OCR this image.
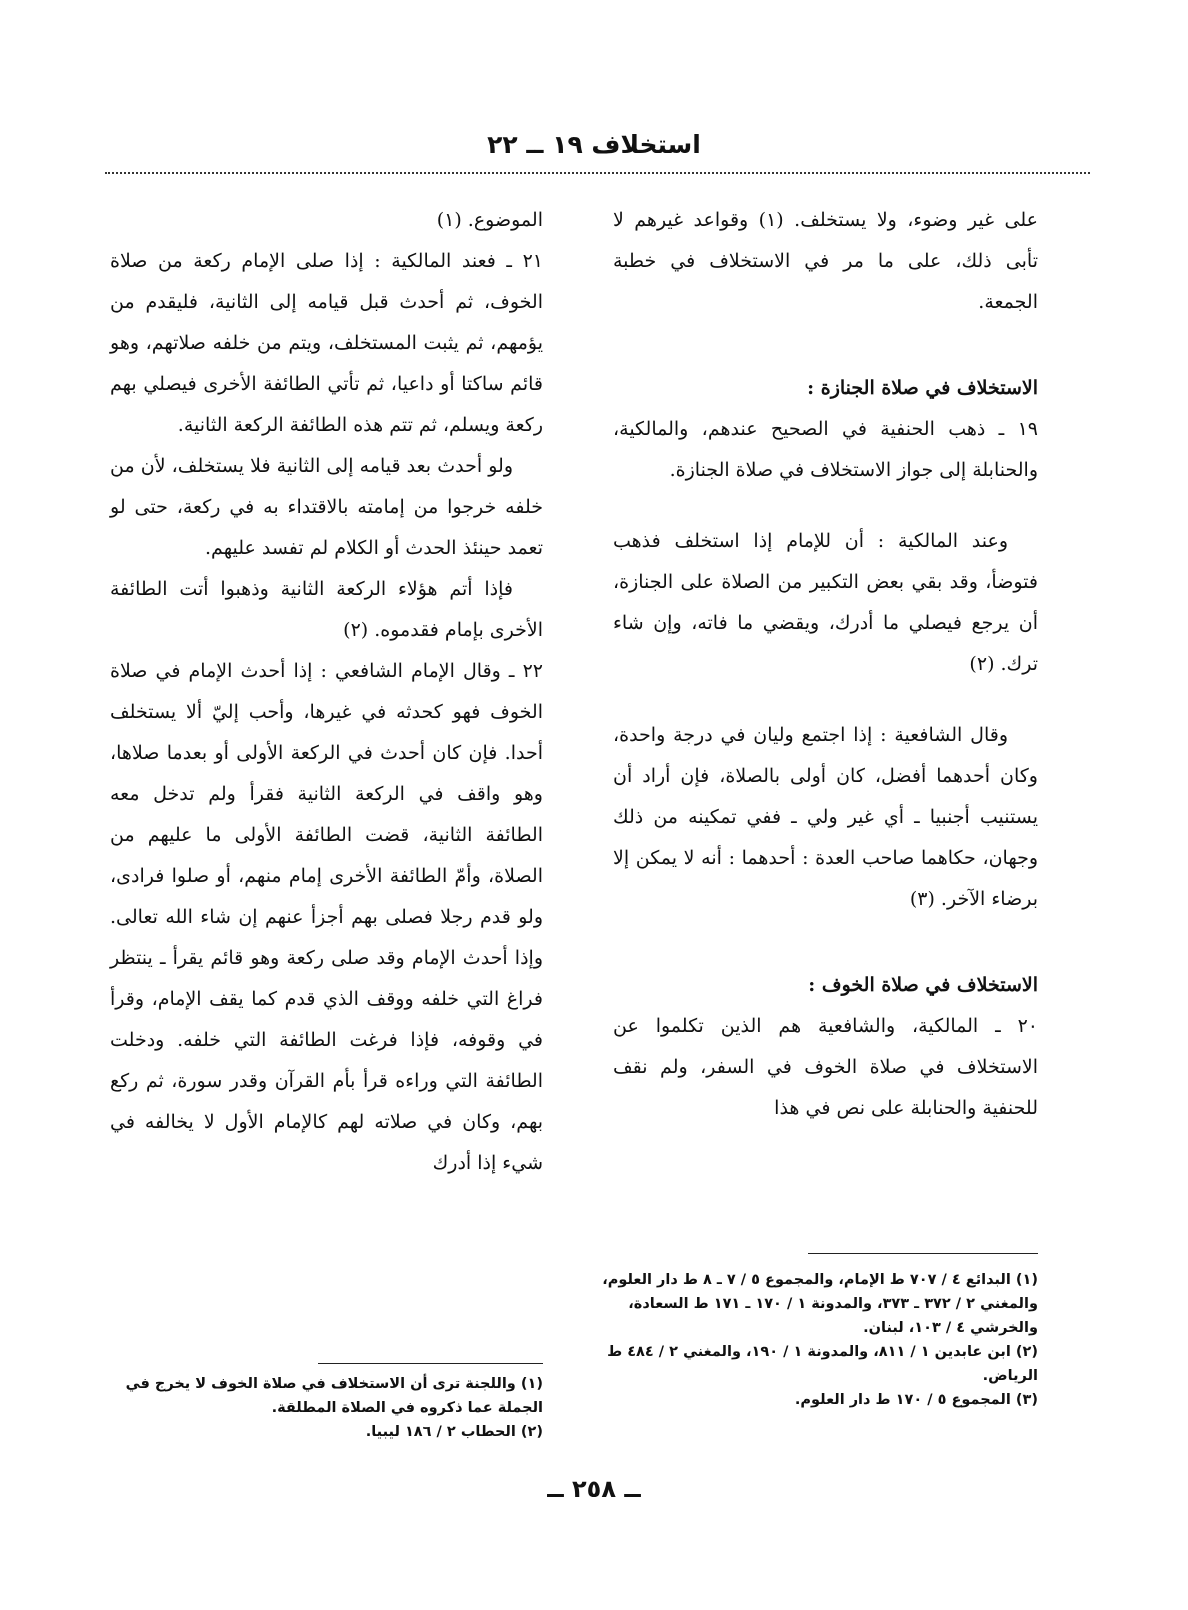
استخلاف ١٩ ــ ٢٢

على غير وضوء، ولا يستخلف. (١) وقواعد غيرهم لا تأبى ذلك، على ما مر في الاستخلاف في خطبة الجمعة.

الاستخلاف في صلاة الجنازة :

١٩ ـ ذهب الحنفية في الصحيح عندهم، والمالكية، والحنابلة إلى جواز الاستخلاف في صلاة الجنازة.

وعند المالكية : أن للإمام إذا استخلف فذهب فتوضأ، وقد بقي بعض التكبير من الصلاة على الجنازة، أن يرجع فيصلي ما أدرك، ويقضي ما فاته، وإن شاء ترك. (٢)

وقال الشافعية : إذا اجتمع وليان في درجة واحدة، وكان أحدهما أفضل، كان أولى بالصلاة، فإن أراد أن يستنيب أجنبيا ـ أي غير ولي ـ ففي تمكينه من ذلك وجهان، حكاهما صاحب العدة : أحدهما : أنه لا يمكن إلا برضاء الآخر. (٣)

الاستخلاف في صلاة الخوف :

٢٠ ـ المالكية، والشافعية هم الذين تكلموا عن الاستخلاف في صلاة الخوف في السفر، ولم نقف للحنفية والحنابلة على نص في هذا

الموضوع. (١)

٢١ ـ فعند المالكية : إذا صلى الإمام ركعة من صلاة الخوف، ثم أحدث قبل قيامه إلى الثانية، فليقدم من يؤمهم، ثم يثبت المستخلف، ويتم من خلفه صلاتهم، وهو قائم ساكتا أو داعيا، ثم تأتي الطائفة الأخرى فيصلي بهم ركعة ويسلم، ثم تتم هذه الطائفة الركعة الثانية.

ولو أحدث بعد قيامه إلى الثانية فلا يستخلف، لأن من خلفه خرجوا من إمامته بالاقتداء به في ركعة، حتى لو تعمد حينئذ الحدث أو الكلام لم تفسد عليهم.

فإذا أتم هؤلاء الركعة الثانية وذهبوا أتت الطائفة الأخرى بإمام فقدموه. (٢)

٢٢ ـ وقال الإمام الشافعي : إذا أحدث الإمام في صلاة الخوف فهو كحدثه في غيرها، وأحب إليّ ألا يستخلف أحدا. فإن كان أحدث في الركعة الأولى أو بعدما صلاها، وهو واقف في الركعة الثانية فقرأ ولم تدخل معه الطائفة الثانية، قضت الطائفة الأولى ما عليهم من الصلاة، وأمّ الطائفة الأخرى إمام منهم، أو صلوا فرادى، ولو قدم رجلا فصلى بهم أجزأ عنهم إن شاء الله تعالى. وإذا أحدث الإمام وقد صلى ركعة وهو قائم يقرأ ـ ينتظر فراغ التي خلفه ووقف الذي قدم كما يقف الإمام، وقرأ في وقوفه، فإذا فرغت الطائفة التي خلفه. ودخلت الطائفة التي وراءه قرأ بأم القرآن وقدر سورة، ثم ركع بهم، وكان في صلاته لهم كالإمام الأول لا يخالفه في شيء إذا أدرك

(١) واللجنة ترى أن الاستخلاف في صلاة الخوف لا يخرج في الجملة عما ذكروه في الصلاة المطلقة.

(٢) الحطاب ٢ / ١٨٦ ليبيا.

ــ ٢٥٨ ــ

(١) البدائع ٤ / ٧٠٧ ط الإمام، والمجموع ٥ / ٧ ـ ٨ ط دار العلوم، والمغني ٢ / ٣٧٢ ـ ٣٧٣، والمدونة ١ / ١٧٠ ـ ١٧١ ط السعادة، والخرشي ٤ / ١٠٣، لبنان.

(٢) ابن عابدين ١ / ٨١١، والمدونة ١ / ١٩٠، والمغني ٢ / ٤٨٤ ط الرياض.

(٣) المجموع ٥ / ١٧٠ ط دار العلوم.
